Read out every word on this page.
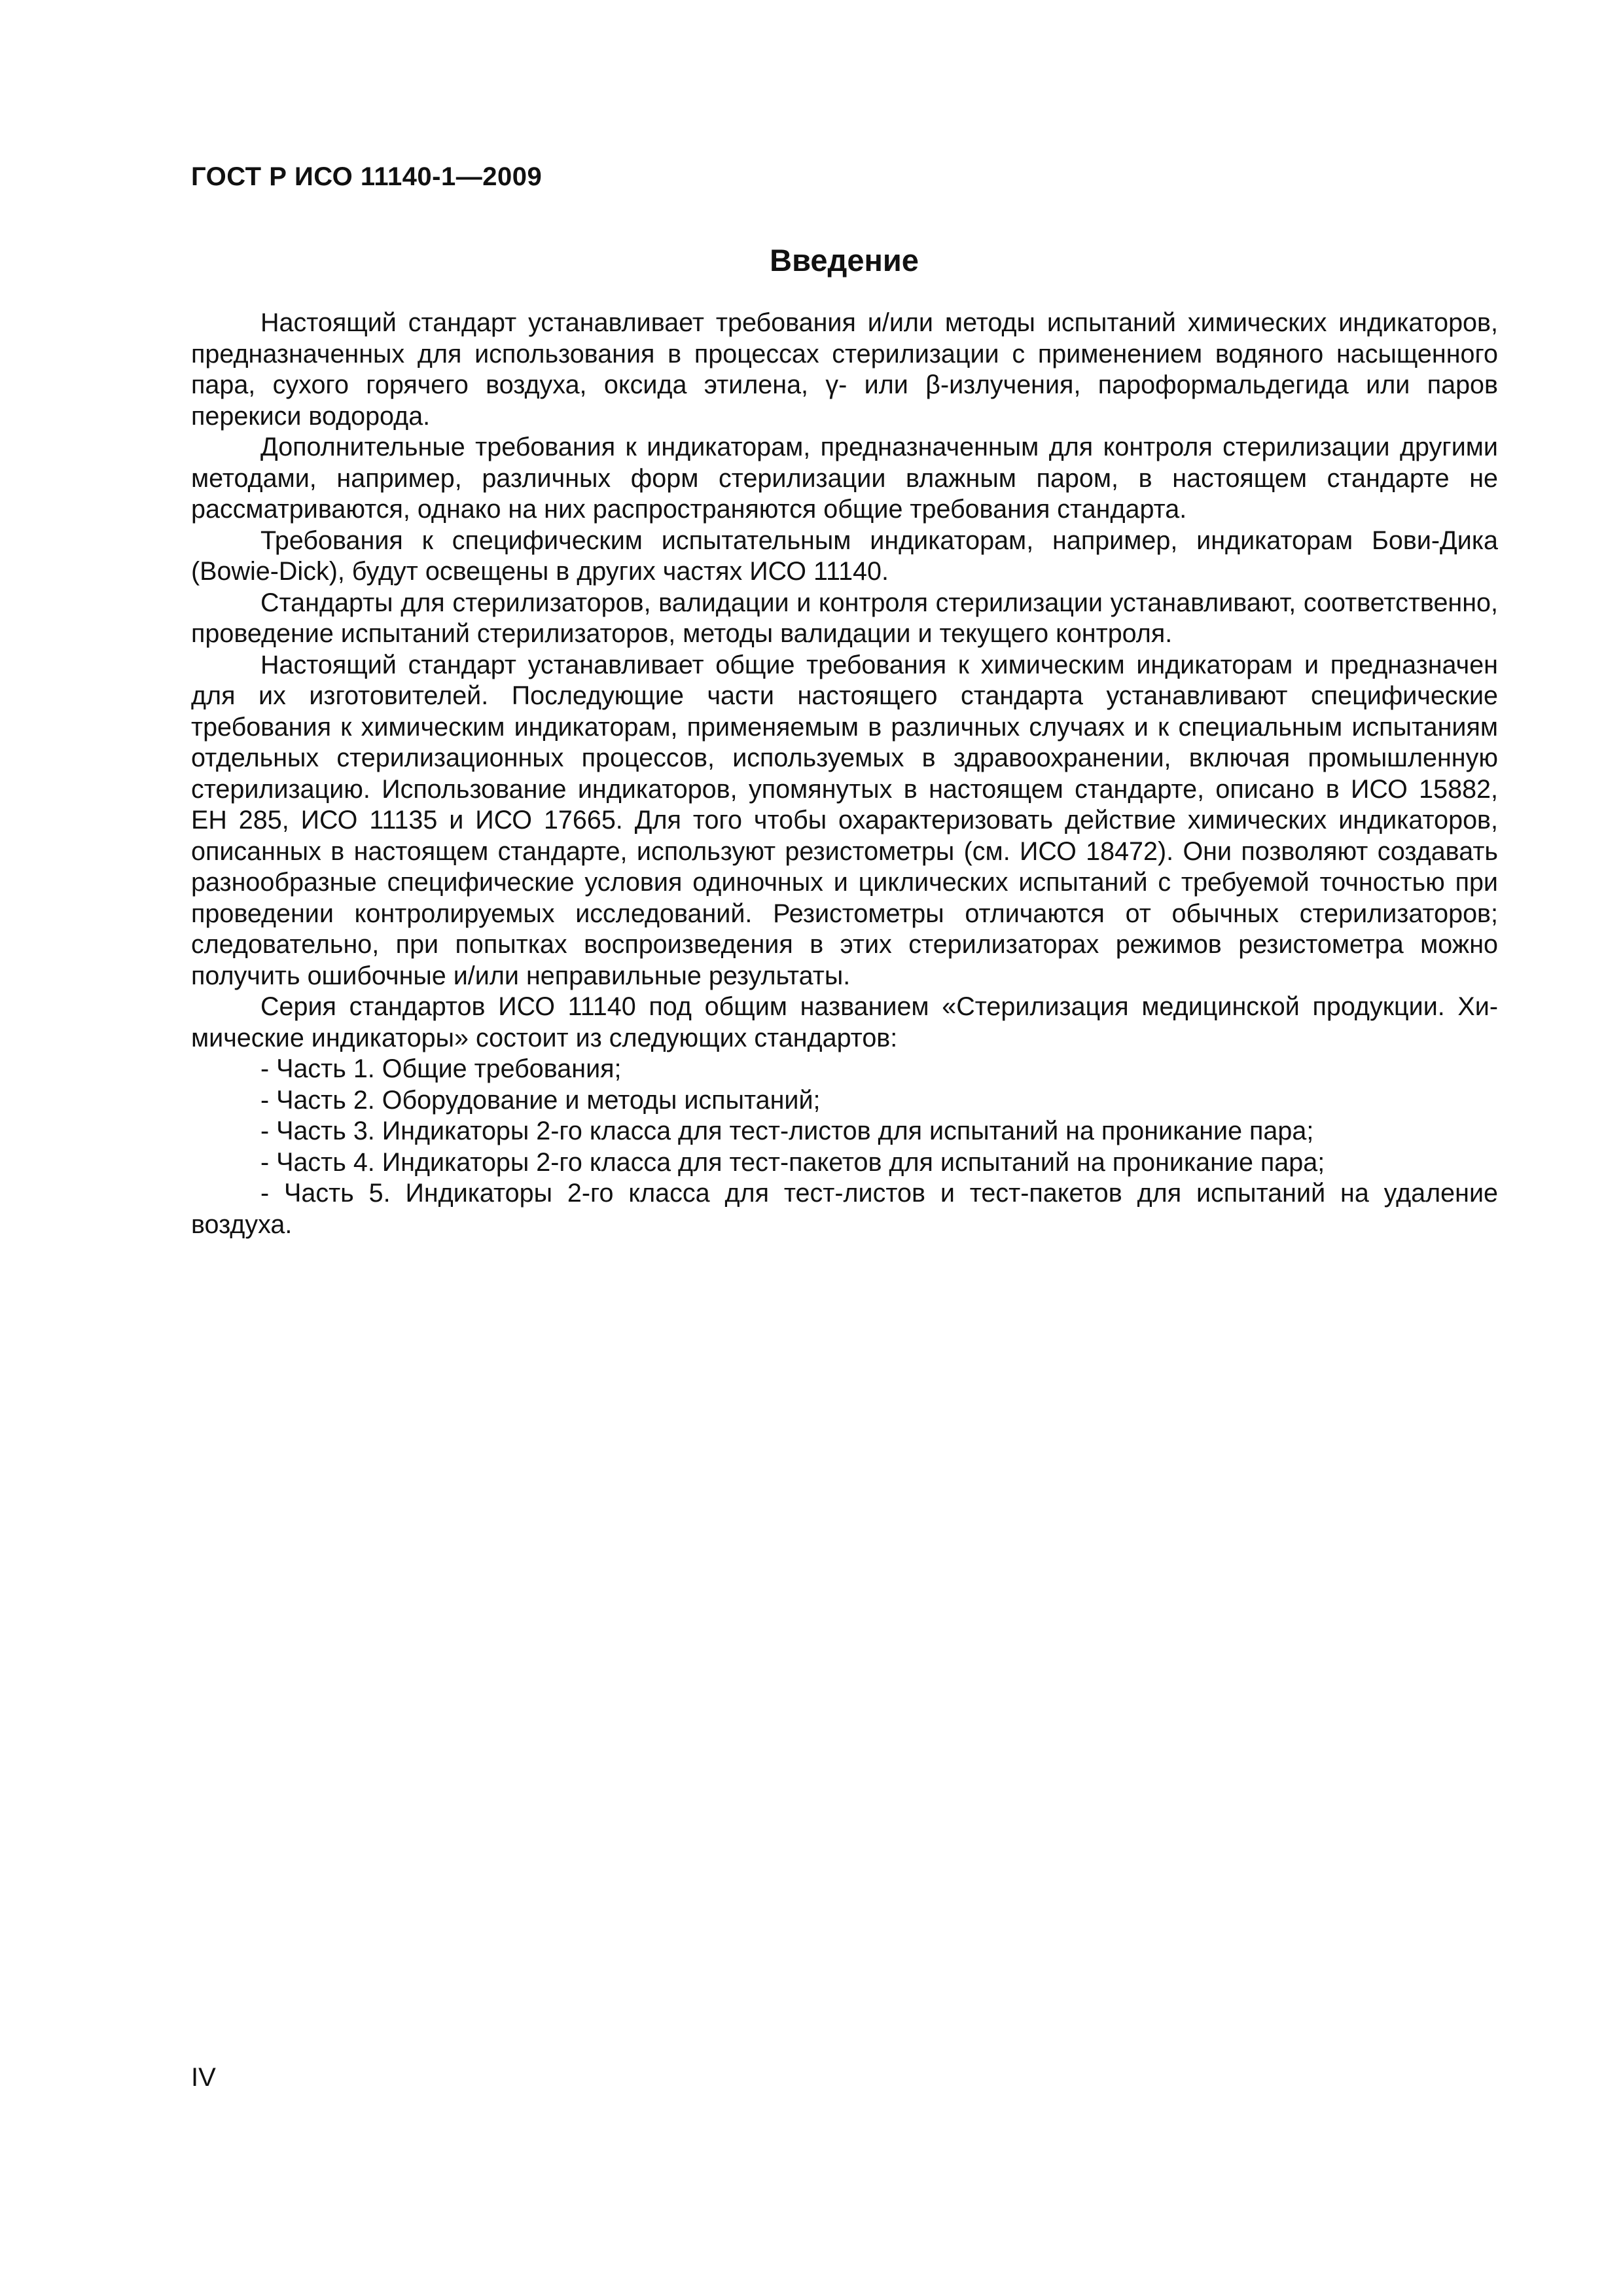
ГОСТ Р ИСО 11140-1—2009

Введение

Настоящий стандарт устанавливает требования и/или методы испытаний химических индикаторов, предназначенных для использования в процессах стерилизации с применением водяного насыщенного пара, сухого горячего воздуха, оксида этилена, γ- или β-излучения, пароформальдегида или паров перекиси водорода.

Дополнительные требования к индикаторам, предназначенным для контроля стерилизации другими методами, например, различных форм стерилизации влажным паром, в настоящем стандарте не рассматриваются, однако на них распространяются общие требования стандарта.

Требования к специфическим испытательным индикаторам, например, индикаторам Бови-Дика (Bowie-Dick), будут освещены в других частях ИСО 11140.

Стандарты для стерилизаторов, валидации и контроля стерилизации устанавливают, соответственно, проведение испытаний стерилизаторов, методы валидации и текущего контроля.

Настоящий стандарт устанавливает общие требования к химическим индикаторам и предназначен для их изготовителей. Последующие части настоящего стандарта устанавливают специфические требования к химическим индикаторам, применяемым в различных случаях и к специальным испытаниям отдельных стерилизационных процессов, используемых в здравоохранении, включая промышленную стерилизацию. Использование индикаторов, упомянутых в настоящем стандарте, описано в ИСО 15882, ЕН 285, ИСО 11135 и ИСО 17665. Для того чтобы охарактеризовать действие химических индикаторов, описанных в настоящем стандарте, используют резистометры (см. ИСО 18472). Они позволяют создавать разнообразные специфические условия одиночных и циклических испытаний с требуемой точностью при проведении контролируемых исследований. Резистометры отличаются от обычных стерилизаторов; следовательно, при попытках воспроизведения в этих стерилизаторах режимов резистометра можно получить ошибочные и/или неправильные результаты.

Серия стандартов ИСО 11140 под общим названием «Стерилизация медицинской продукции. Химические индикаторы» состоит из следующих стандартов:

- Часть 1. Общие требования;
- Часть 2. Оборудование и методы испытаний;
- Часть 3. Индикаторы 2-го класса для тест-листов для испытаний на проникание пара;
- Часть 4. Индикаторы 2-го класса для тест-пакетов для испытаний на проникание пара;
- Часть 5. Индикаторы 2-го класса для тест-листов и тест-пакетов для испытаний на удаление воздуха.

IV
